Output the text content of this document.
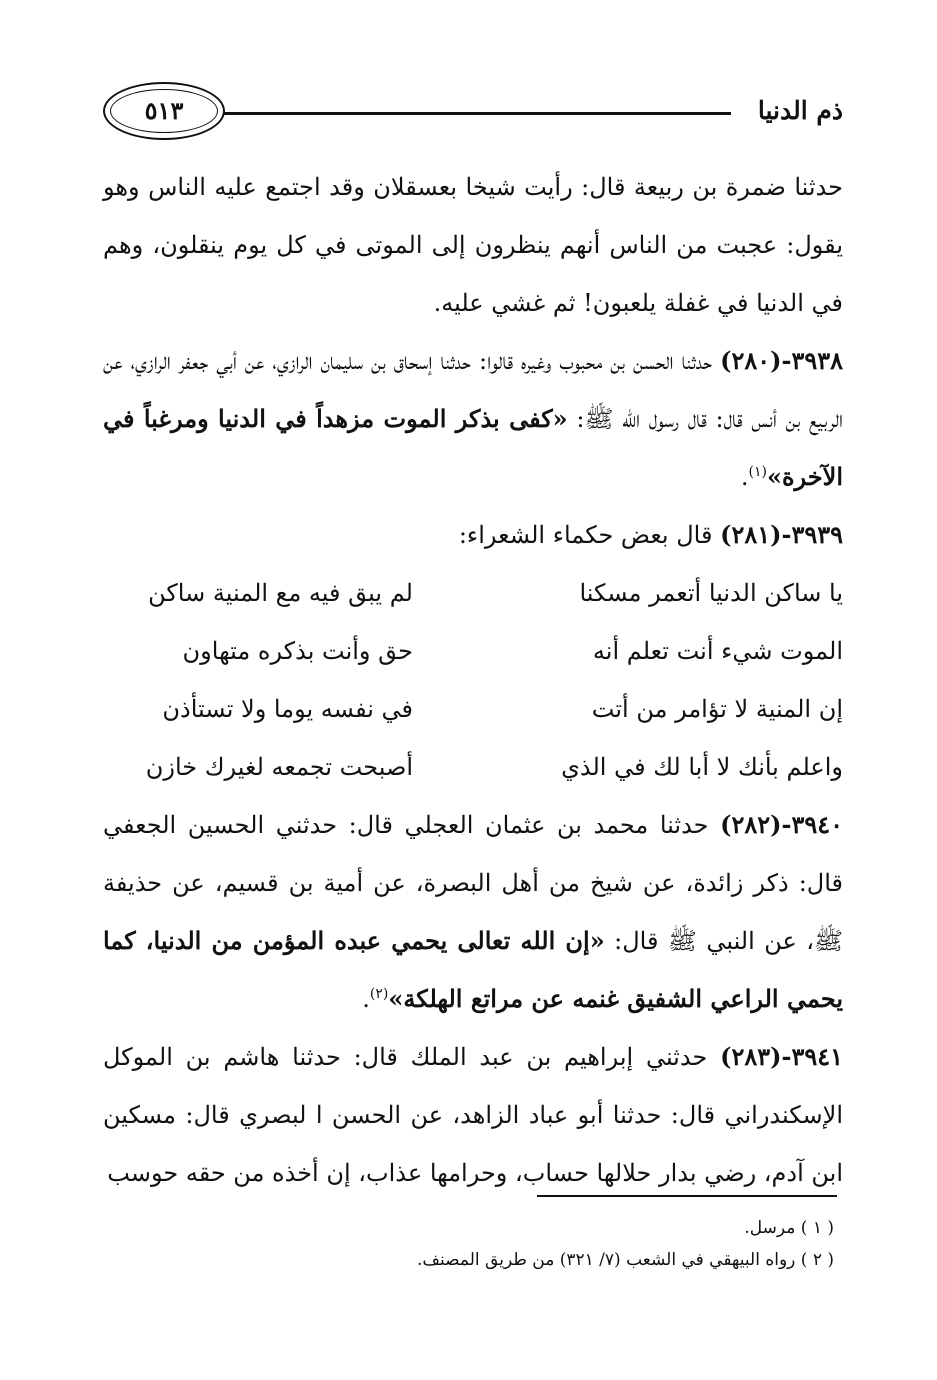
ذم الدنيا
٥١٣

حدثنا ضمرة بن ربيعة قال: رأيت شيخا بعسقلان وقد اجتمع عليه الناس وهو يقول: عجبت من الناس أنهم ينظرون إلى الموتى في كل يوم ينقلون، وهم في الدنيا في غفلة يلعبون! ثم غشي عليه.

٣٩٣٨-(٢٨٠) حدثنا الحسن بن محبوب وغيره قالوا: حدثنا إسحاق بن سليمان الرازي، عن أبي جعفر الرازي، عن الربيع بن أنس قال: قال رسول الله ﷺ: «كفى بذكر الموت مزهداً في الدنيا ومرغباً في الآخرة»$^{(١)}$.

٣٩٣٩-(٢٨١) قال بعض حكماء الشعراء:

يا ساكن الدنيا أتعمر مسكنا
لم يبق فيه مع المنية ساكن
الموت شيء أنت تعلم أنه
حق وأنت بذكره متهاون
إن المنية لا تؤامر من أتت
في نفسه يوما ولا تستأذن
واعلم بأنك لا أبا لك في الذي
أصبحت تجمعه لغيرك خازن

٣٩٤٠-(٢٨٢) حدثنا محمد بن عثمان العجلي قال: حدثني الحسين الجعفي قال: ذكر زائدة، عن شيخ من أهل البصرة، عن أمية بن قسيم، عن حذيفة ﷺ، عن النبي ﷺ قال: «إن الله تعالى يحمي عبده المؤمن من الدنيا، كما يحمي الراعي الشفيق غنمه عن مراتع الهلكة»$^{(٢)}$.

٣٩٤١-(٢٨٣) حدثني إبراهيم بن عبد الملك قال: حدثنا هاشم بن الموكل الإسكندراني قال: حدثنا أبو عباد الزاهد، عن الحسن ا لبصري قال: مسكين ابن آدم، رضي بدار حلالها حساب، وحرامها عذاب، إن أخذه من حقه حوسب

( ١ ) مرسل.
( ٢ ) رواه البيهقي في الشعب (٧/ ٣٢١) من طريق المصنف.
